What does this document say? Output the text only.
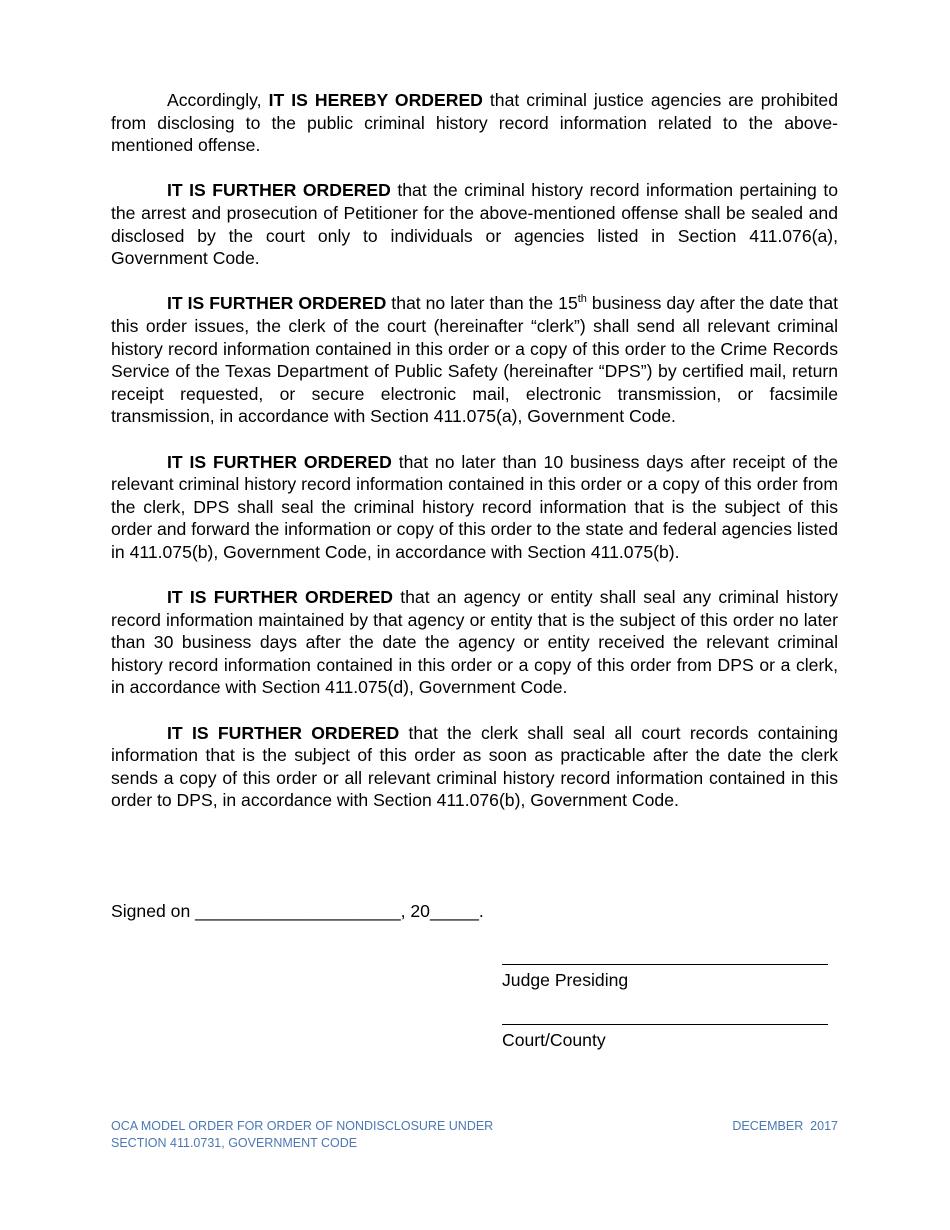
Accordingly, IT IS HEREBY ORDERED that criminal justice agencies are prohibited from disclosing to the public criminal history record information related to the above-mentioned offense.

IT IS FURTHER ORDERED that the criminal history record information pertaining to the arrest and prosecution of Petitioner for the above-mentioned offense shall be sealed and disclosed by the court only to individuals or agencies listed in Section 411.076(a), Government Code.

IT IS FURTHER ORDERED that no later than the 15th business day after the date that this order issues, the clerk of the court (hereinafter “clerk”) shall send all relevant criminal history record information contained in this order or a copy of this order to the Crime Records Service of the Texas Department of Public Safety (hereinafter “DPS”) by certified mail, return receipt requested, or secure electronic mail, electronic transmission, or facsimile transmission, in accordance with Section 411.075(a), Government Code.

IT IS FURTHER ORDERED that no later than 10 business days after receipt of the relevant criminal history record information contained in this order or a copy of this order from the clerk, DPS shall seal the criminal history record information that is the subject of this order and forward the information or copy of this order to the state and federal agencies listed in 411.075(b), Government Code, in accordance with Section 411.075(b).

IT IS FURTHER ORDERED that an agency or entity shall seal any criminal history record information maintained by that agency or entity that is the subject of this order no later than 30 business days after the date the agency or entity received the relevant criminal history record information contained in this order or a copy of this order from DPS or a clerk, in accordance with Section 411.075(d), Government Code.

IT IS FURTHER ORDERED that the clerk shall seal all court records containing information that is the subject of this order as soon as practicable after the date the clerk sends a copy of this order or all relevant criminal history record information contained in this order to DPS, in accordance with Section 411.076(b), Government Code.

Signed on _____________________, 20_____.
Judge Presiding
Court/County
OCA MODEL ORDER FOR ORDER OF NONDISCLOSURE UNDER
SECTION 411.0731, GOVERNMENT CODE
DECEMBER  2017
